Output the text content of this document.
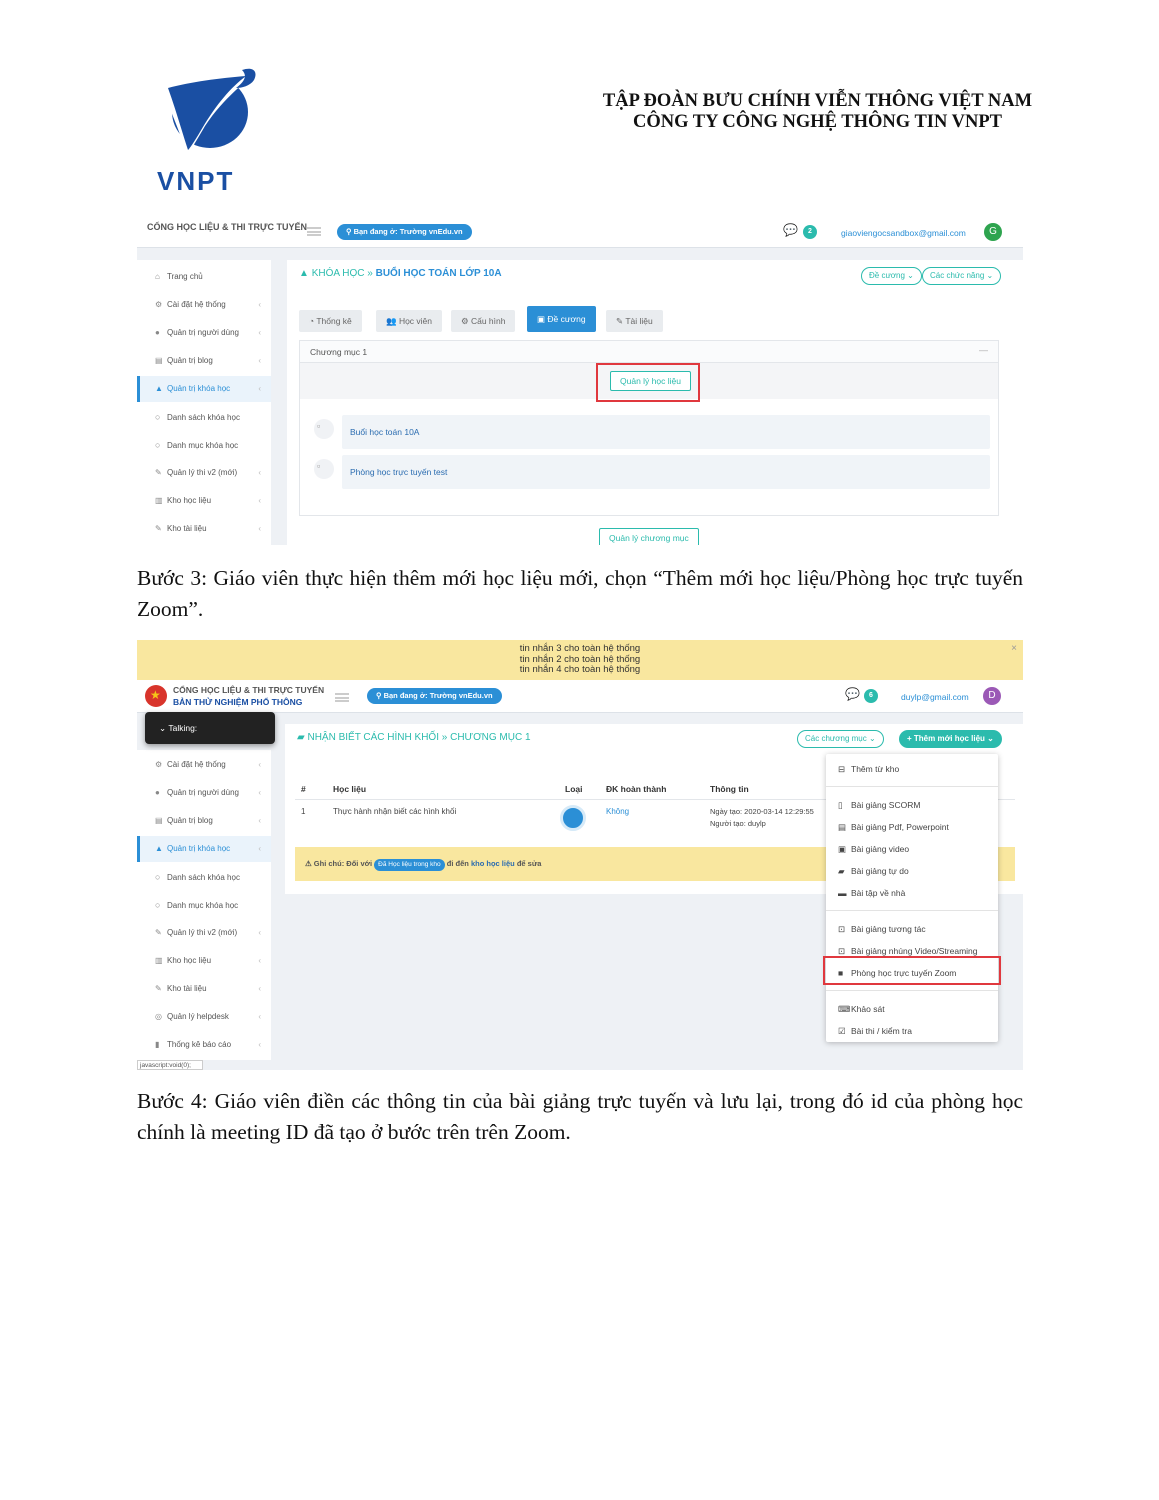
VNPT
TẬP ĐOÀN BƯU CHÍNH VIỄN THÔNG VIỆT NAM
CÔNG TY CÔNG NGHỆ THÔNG TIN VNPT
CỔNG HỌC LIỆU & THI TRỰC TUYẾN	⚲ Bạn đang ở: Trường vnEdu.vn	💬	2	giaoviengocsandbox@gmail.com	G
⌂ Trang chủ
⚙ Cài đặt hệ thống	‹
● Quản trị người dùng ‹
▤ Quản trị blog	‹
▲ Quản trị khóa học	‹
○ Danh sách khóa học
○ Danh mục khóa học
✎ Quản lý thi v2 (mới)	‹
▥ Kho học liệu	‹
✎ Kho tài liệu	‹
▲ KHÓA HỌC » BUỔI HỌC TOÁN LỚP 10A	Đề cương ⌄	Các chức năng ⌄
◔ Thống kê	👥 Học viên	⚙ Cấu hình	▣ Đề cương	✎ Tài liệu
Chương mục 1	—
Quản lý học liệu
▫
Buổi học toán 10A
▫
Phòng học trực tuyến test
Quản lý chương mục
Bước 3: Giáo viên thực hiện thêm mới học liệu mới, chọn “Thêm mới học liệu/Phòng học trực tuyến Zoom”.
tin nhắn 3 cho toàn hệ thống
tin nhắn 2 cho toàn hệ thống
tin nhắn 4 cho toàn hệ thống
×
★ CỔNG HỌC LIỆU & THI TRỰC TUYẾN
BẢN THỬ NGHIỆM PHỔ THÔNG
⚲ Bạn đang ở: Trường vnEdu.vn	💬	6	duylp@gmail.com	D
⚙ Cài đặt hệ thống	‹
● Quản trị người dùng ‹
▤ Quản trị blog	‹
▲ Quản trị khóa học	‹
○ Danh sách khóa học
○ Danh mục khóa học
✎ Quản lý thi v2 (mới)	‹
▥ Kho học liệu	‹
✎ Kho tài liệu	‹
◎ Quản lý helpdesk	‹
▮ Thống kê báo cáo	‹
⌄ Talking:
javascript:void(0);
▰ NHẬN BIẾT CÁC HÌNH KHỐI » CHƯƠNG MỤC 1	Các chương mục ⌄	+ Thêm mới học liệu ⌄
#	Học liệu	Loại	ĐK hoàn thành	Thông tin
1	Thực hành nhận biết các hình khối	Không	Ngày tạo: 2020-03-14 12:29:55
Người tạo: duylp
⚠ Ghi chú: Đối với Đã Học liệu trong kho đi đến kho học liệu để sửa
⊟ Thêm từ kho
▯ Bài giảng SCORM
▤ Bài giảng Pdf, Powerpoint
▣ Bài giảng video
▰ Bài giảng tự do
▬ Bài tập về nhà
⊡ Bài giảng tương tác
⊡ Bài giảng nhúng Video/Streaming
■ Phòng học trực tuyến Zoom
⌨Khảo sát
☑ Bài thi / kiểm tra
Bước 4: Giáo viên điền các thông tin của bài giảng trực tuyến và lưu lại, trong đó id của phòng học chính là meeting ID đã tạo ở bước trên trên Zoom.
